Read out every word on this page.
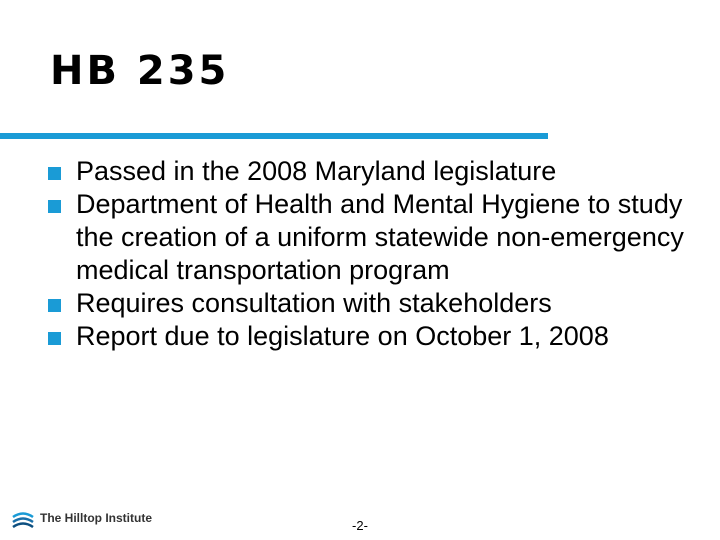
HB 235
Passed in the 2008 Maryland legislature
Department of Health and Mental Hygiene to study the creation of a uniform statewide non-emergency medical transportation program
Requires consultation with stakeholders
Report due to legislature on October 1, 2008
The Hilltop Institute	-2-
